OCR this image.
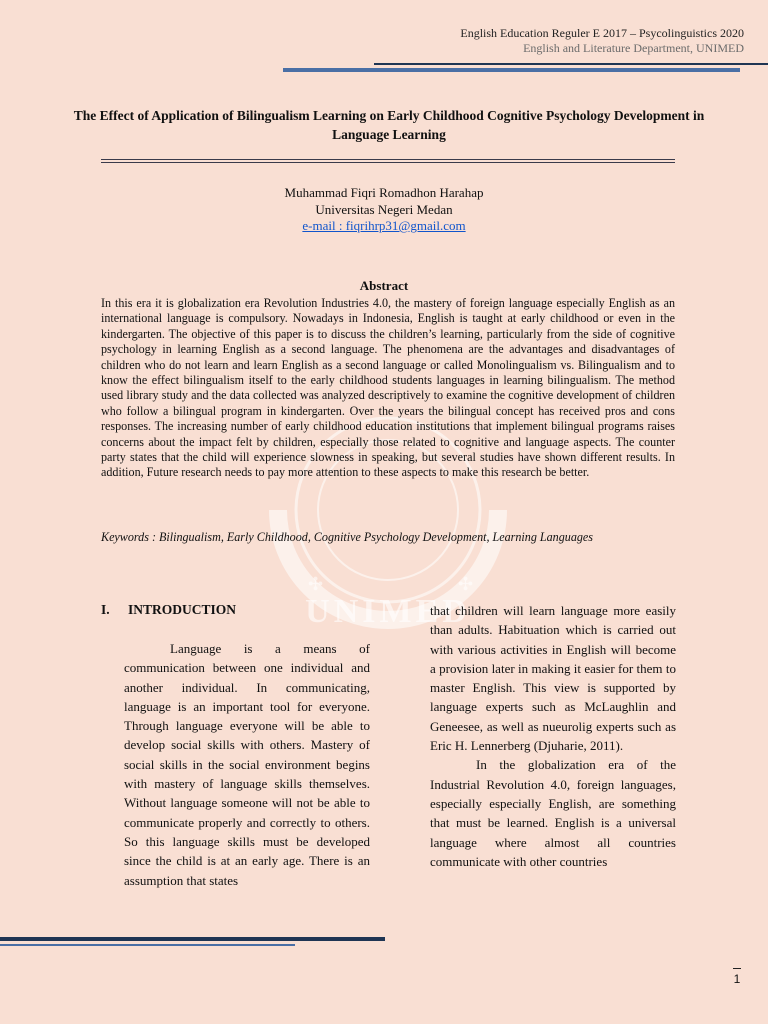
English Education Reguler E 2017 – Psycolinguistics 2020
English and Literature Department, UNIMED
The Effect of Application of Bilingualism Learning on Early Childhood Cognitive Psychology Development in Language Learning
Muhammad Fiqri Romadhon Harahap
Universitas Negeri Medan
e-mail : fiqrihrp31@gmail.com
UNIMED
✣	✣
Abstract
In this era it is globalization era Revolution Industries 4.0, the mastery of foreign language especially English as an international language is compulsory. Nowadays in Indonesia, English is taught at early childhood or even in the kindergarten. The objective of this paper is to discuss the children’s learning, particularly from the side of cognitive psychology in learning English as a second language. The phenomena are the advantages and disadvantages of children who do not learn and learn English as a second language or called Monolingualism vs. Bilingualism and to know the effect bilingualism itself to the early childhood students languages in learning bilingualism. The method used library study and the data collected was analyzed descriptively to examine the cognitive development of children who follow a bilingual program in kindergarten. Over the years the bilingual concept has received pros and cons responses. The increasing number of early childhood education institutions that implement bilingual programs raises concerns about the impact felt by children, especially those related to cognitive and language aspects. The counter party states that the child will experience slowness in speaking, but several studies have shown different results. In addition, Future research needs to pay more attention to these aspects to make this research be better.
Keywords : Bilingualism, Early Childhood, Cognitive Psychology Development, Learning Languages
I. INTRODUCTION

Language is a means of communication between one individual and another individual. In communicating, language is an important tool for everyone. Through language everyone will be able to develop social skills with others. Mastery of social skills in the social environment begins with mastery of language skills themselves. Without language someone will not be able to communicate properly and correctly to others. So this language skills must be developed since the child is at an early age. There is an assumption that states

that children will learn language more easily than adults. Habituation which is carried out with various activities in English will become a provision later in making it easier for them to master English. This view is supported by language experts such as McLaughlin and Geneesee, as well as nueurolig experts such as Eric H. Lennerberg (Djuharie, 2011).

In the globalization era of the Industrial Revolution 4.0, foreign languages, especially especially English, are something that must be learned. English is a universal language where almost all countries communicate with other countries

1
